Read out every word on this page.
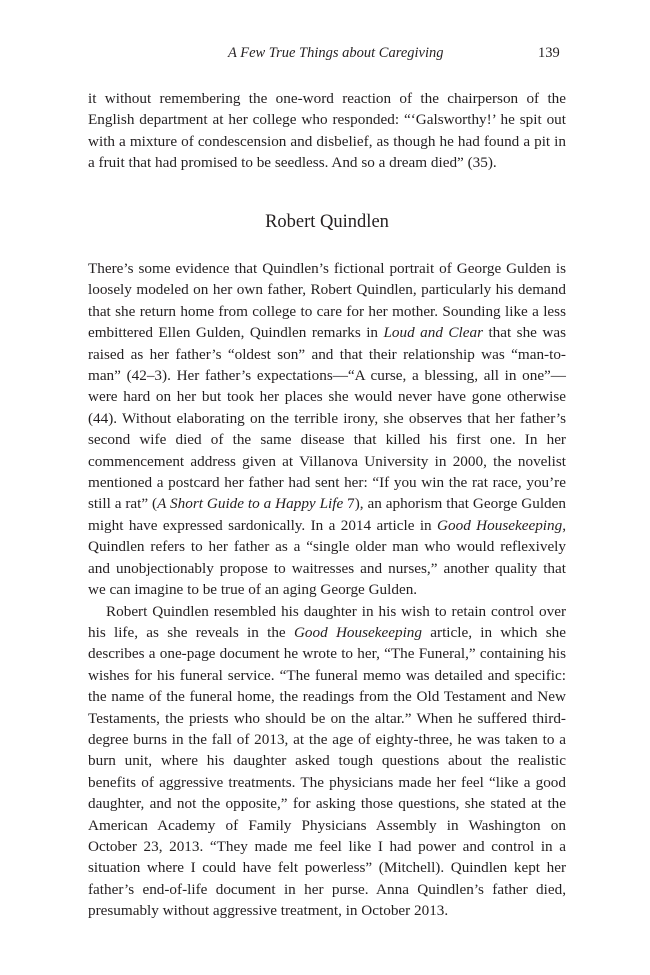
A Few True Things about Caregiving	139

it without remembering the one-word reaction of the chairperson of the English department at her college who responded: “‘Galsworthy!’ he spit out with a mixture of condescension and disbelief, as though he had found a pit in a fruit that had promised to be seedless. And so a dream died” (35).

Robert Quindlen

There’s some evidence that Quindlen’s fictional portrait of George Gulden is loosely modeled on her own father, Robert Quindlen, particularly his demand that she return home from college to care for her mother. Sounding like a less embittered Ellen Gulden, Quindlen remarks in Loud and Clear that she was raised as her father’s “oldest son” and that their relationship was “man-to-man” (42–3). Her father’s expectations—“A curse, a blessing, all in one”—were hard on her but took her places she would never have gone otherwise (44). Without elaborating on the terrible irony, she observes that her father’s second wife died of the same disease that killed his first one. In her commencement address given at Villanova University in 2000, the novelist mentioned a postcard her father had sent her: “If you win the rat race, you’re still a rat” (A Short Guide to a Happy Life 7), an aphorism that George Gulden might have expressed sardonically. In a 2014 article in Good Housekeeping, Quindlen refers to her father as a “single older man who would reflexively and unobjectionably propose to waitresses and nurses,” another quality that we can imagine to be true of an aging George Gulden.

Robert Quindlen resembled his daughter in his wish to retain control over his life, as she reveals in the Good Housekeeping article, in which she describes a one-page document he wrote to her, “The Funeral,” containing his wishes for his funeral service. “The funeral memo was detailed and specific: the name of the funeral home, the readings from the Old Testament and New Testaments, the priests who should be on the altar.” When he suffered third-degree burns in the fall of 2013, at the age of eighty-three, he was taken to a burn unit, where his daughter asked tough questions about the realistic benefits of aggressive treatments. The physicians made her feel “like a good daughter, and not the opposite,” for asking those questions, she stated at the American Academy of Family Physicians Assembly in Washington on October 23, 2013. “They made me feel like I had power and control in a situation where I could have felt powerless” (Mitchell). Quindlen kept her father’s end-of-life document in her purse. Anna Quindlen’s father died, presumably without aggressive treatment, in October 2013.
